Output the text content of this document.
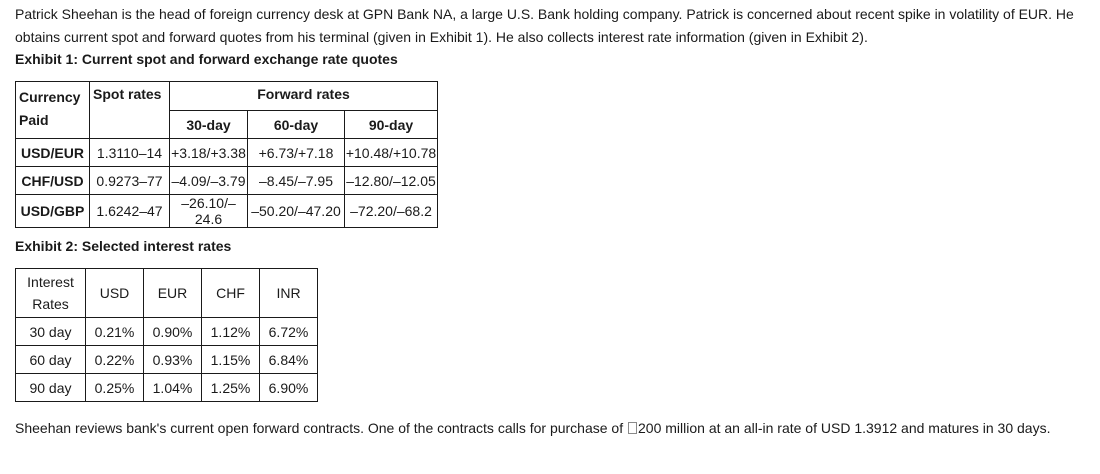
Patrick Sheehan is the head of foreign currency desk at GPN Bank NA, a large U.S. Bank holding company. Patrick is concerned about recent spike in volatility of EUR. He obtains current spot and forward quotes from his terminal (given in Exhibit 1). He also collects interest rate information (given in Exhibit 2).

Exhibit 1: Current spot and forward exchange rate quotes

Currency Paid	Spot rates	Forward rates		
		30-day	60-day	90-day
USD/EUR	1.3110–14	+3.18/+3.38	+6.73/+7.18	+10.48/+10.78
CHF/USD	0.9273–77	–4.09/–3.79	–8.45/–7.95	–12.80/–12.05
USD/GBP	1.6242–47	–26.10/–24.6	–50.20/–47.20	–72.20/–68.2

Exhibit 2: Selected interest rates

Interest Rates	USD	EUR	CHF	INR
30 day	0.21%	0.90%	1.12%	6.72%
60 day	0.22%	0.93%	1.15%	6.84%
90 day	0.25%	1.04%	1.25%	6.90%

Sheehan reviews bank's current open forward contracts. One of the contracts calls for purchase of 200 million at an all-in rate of USD 1.3912 and matures in 30 days.
